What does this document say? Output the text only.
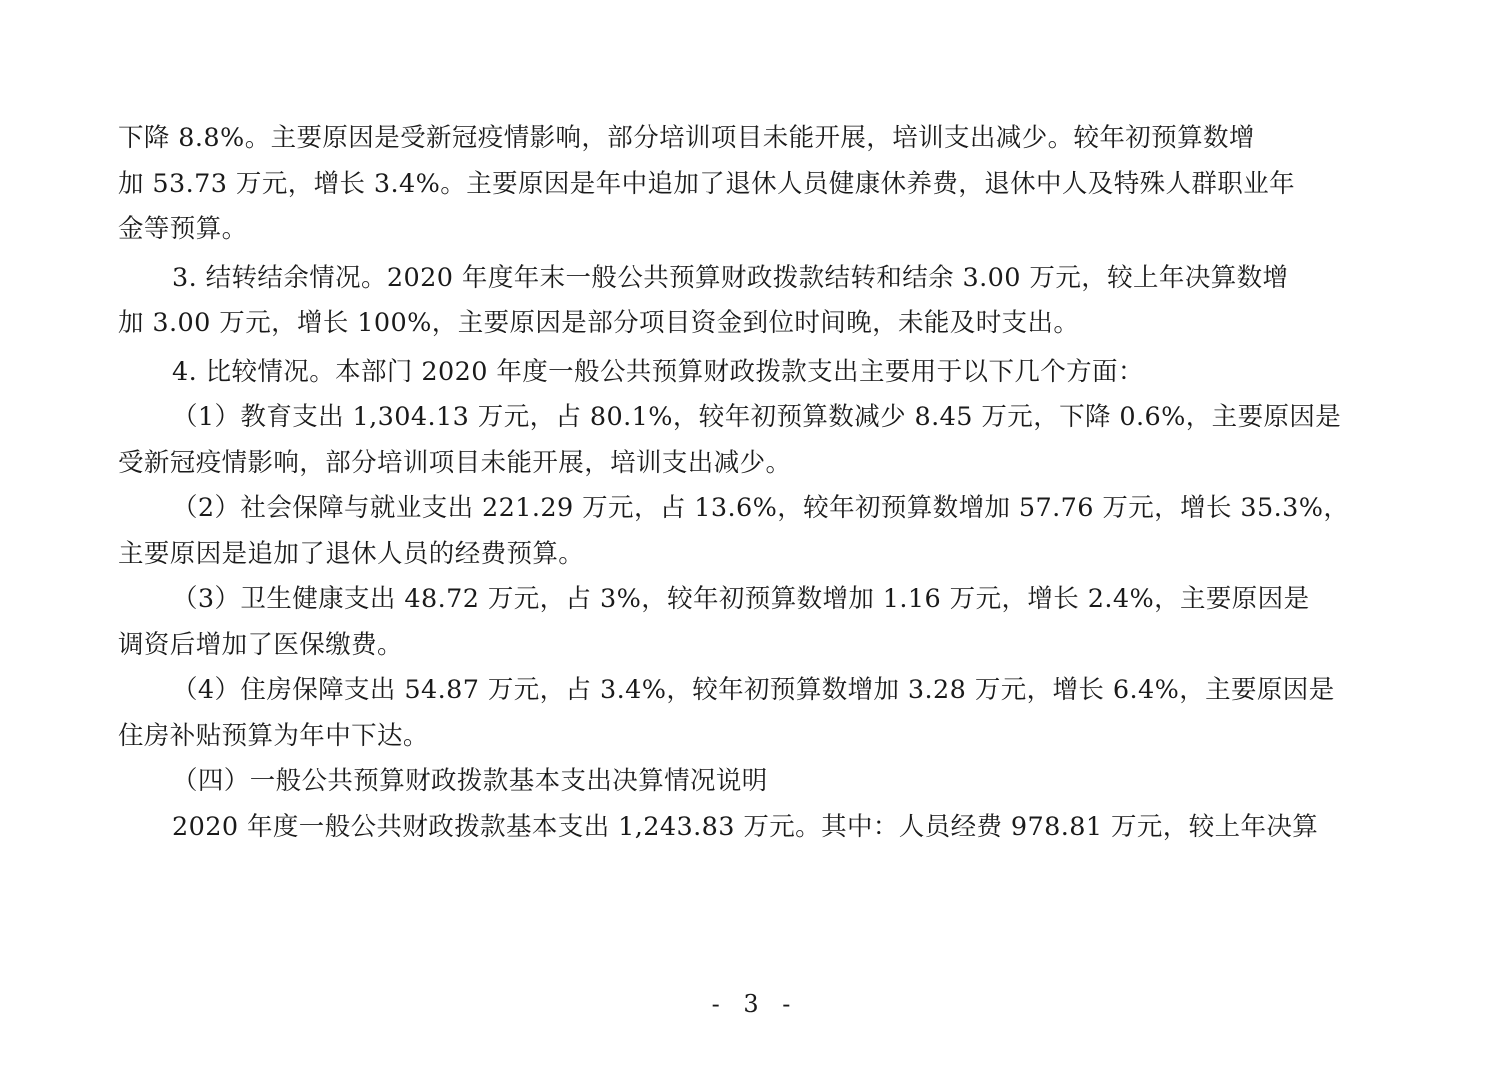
下降 8.8%。主要原因是受新冠疫情影响，部分培训项目未能开展，培训支出减少。较年初预算数增
加 53.73 万元，增长 3.4%。主要原因是年中追加了退休人员健康休养费，退休中人及特殊人群职业年
金等预算。
3. 结转结余情况。2020 年度年末一般公共预算财政拨款结转和结余 3.00 万元，较上年决算数增
加 3.00 万元，增长 100%，主要原因是部分项目资金到位时间晚，未能及时支出。
4. 比较情况。本部门 2020 年度一般公共预算财政拨款支出主要用于以下几个方面：
（1）教育支出 1,304.13 万元，占 80.1%，较年初预算数减少 8.45 万元，下降 0.6%，主要原因是
受新冠疫情影响，部分培训项目未能开展，培训支出减少。
（2）社会保障与就业支出 221.29 万元，占 13.6%，较年初预算数增加 57.76 万元，增长 35.3%，
主要原因是追加了退休人员的经费预算。
（3）卫生健康支出 48.72 万元，占 3%，较年初预算数增加 1.16 万元，增长 2.4%，主要原因是
调资后增加了医保缴费。
（4）住房保障支出 54.87 万元，占 3.4%，较年初预算数增加 3.28 万元，增长 6.4%，主要原因是
住房补贴预算为年中下达。
（四）一般公共预算财政拨款基本支出决算情况说明
2020 年度一般公共财政拨款基本支出 1,243.83 万元。其中：人员经费 978.81 万元，较上年决算
- 3 -
